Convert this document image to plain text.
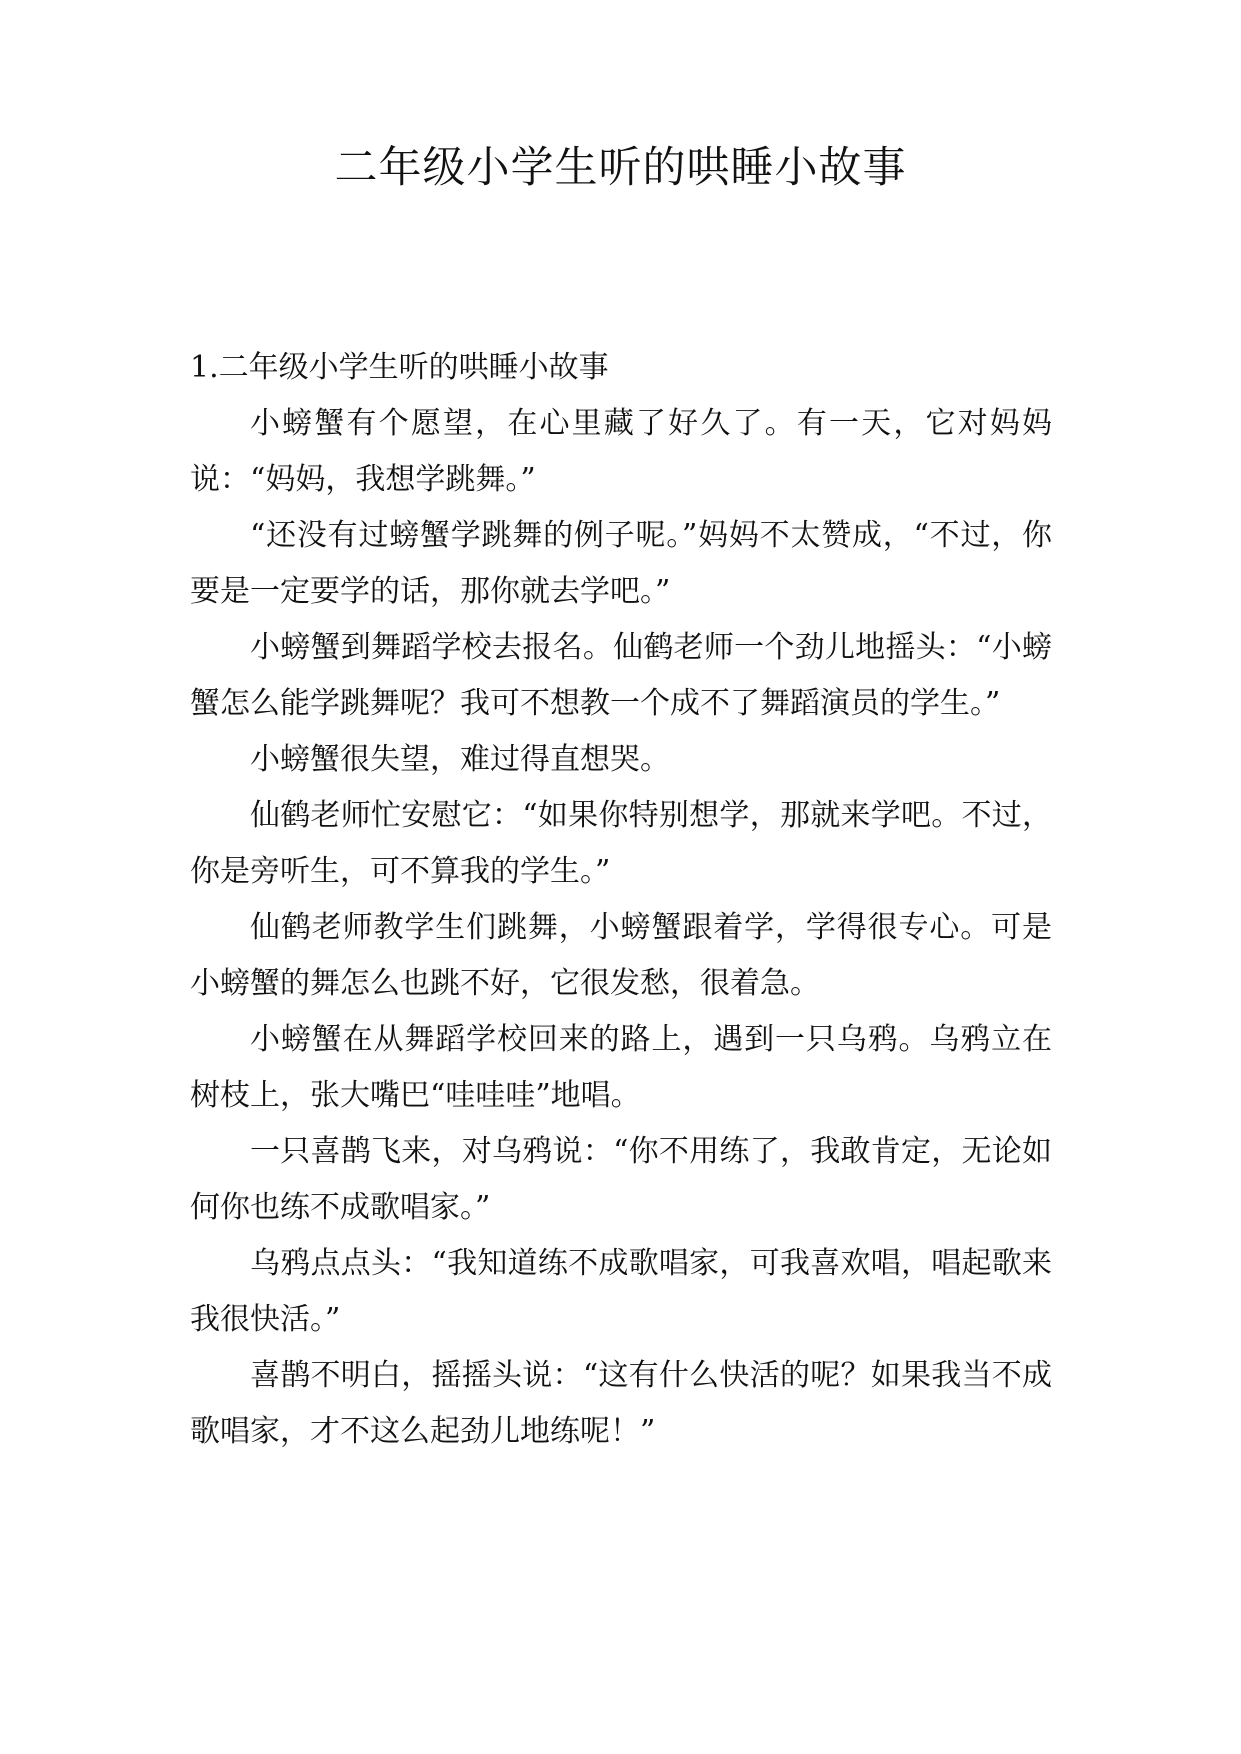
二年级小学生听的哄睡小故事
1.二年级小学生听的哄睡小故事

小螃蟹有个愿望，在心里藏了好久了。有一天，它对妈妈说：“妈妈，我想学跳舞。”

“还没有过螃蟹学跳舞的例子呢。”妈妈不太赞成，“不过，你要是一定要学的话，那你就去学吧。”

小螃蟹到舞蹈学校去报名。仙鹤老师一个劲儿地摇头：“小螃蟹怎么能学跳舞呢？我可不想教一个成不了舞蹈演员的学生。”

小螃蟹很失望，难过得直想哭。

仙鹤老师忙安慰它：“如果你特别想学，那就来学吧。不过，你是旁听生，可不算我的学生。”

仙鹤老师教学生们跳舞，小螃蟹跟着学，学得很专心。可是小螃蟹的舞怎么也跳不好，它很发愁，很着急。

小螃蟹在从舞蹈学校回来的路上，遇到一只乌鸦。乌鸦立在树枝上，张大嘴巴“哇哇哇”地唱。

一只喜鹊飞来，对乌鸦说：“你不用练了，我敢肯定，无论如何你也练不成歌唱家。”

乌鸦点点头：“我知道练不成歌唱家，可我喜欢唱，唱起歌来我很快活。”

喜鹊不明白，摇摇头说：“这有什么快活的呢？如果我当不成歌唱家，才不这么起劲儿地练呢！”
